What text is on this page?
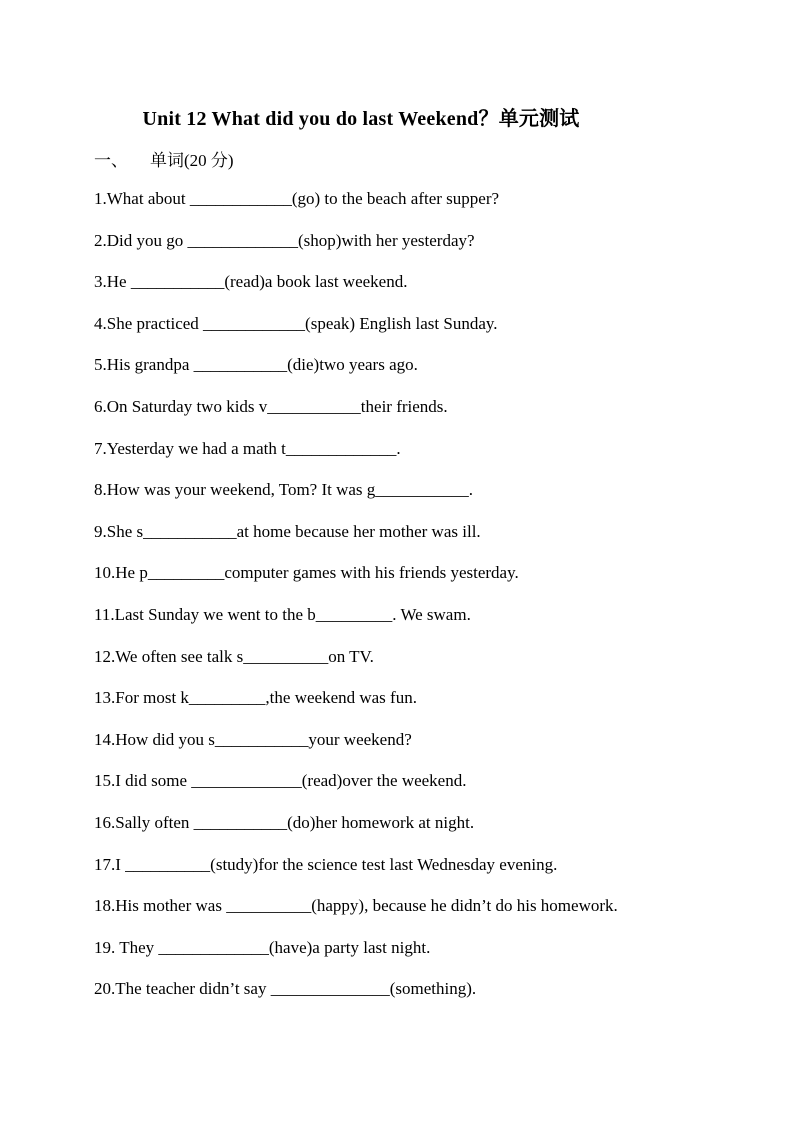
Unit 12 What did you do last Weekend？单元测试
一、 单词(20 分)
1.What about ____________(go) to the beach after supper?
2.Did you go _____________(shop)with her yesterday?
3.He ___________(read)a book last weekend.
4.She practiced ____________(speak) English last Sunday.
5.His grandpa ___________(die)two years ago.
6.On Saturday two kids v___________their friends.
7.Yesterday we had a math t_____________.
8.How was your weekend, Tom? It was g___________.
9.She s___________at home because her mother was ill.
10.He p_________computer games with his friends yesterday.
11.Last Sunday we went to the b_________. We swam.
12.We often see talk s__________on TV.
13.For most k_________,the weekend was fun.
14.How did you s___________your weekend?
15.I did some _____________(read)over the weekend.
16.Sally often ___________(do)her homework at night.
17.I __________(study)for the science test last Wednesday evening.
18.His mother was __________(happy), because he didn’t do his homework.
19. They _____________(have)a party last night.
20.The teacher didn’t say ______________(something).
